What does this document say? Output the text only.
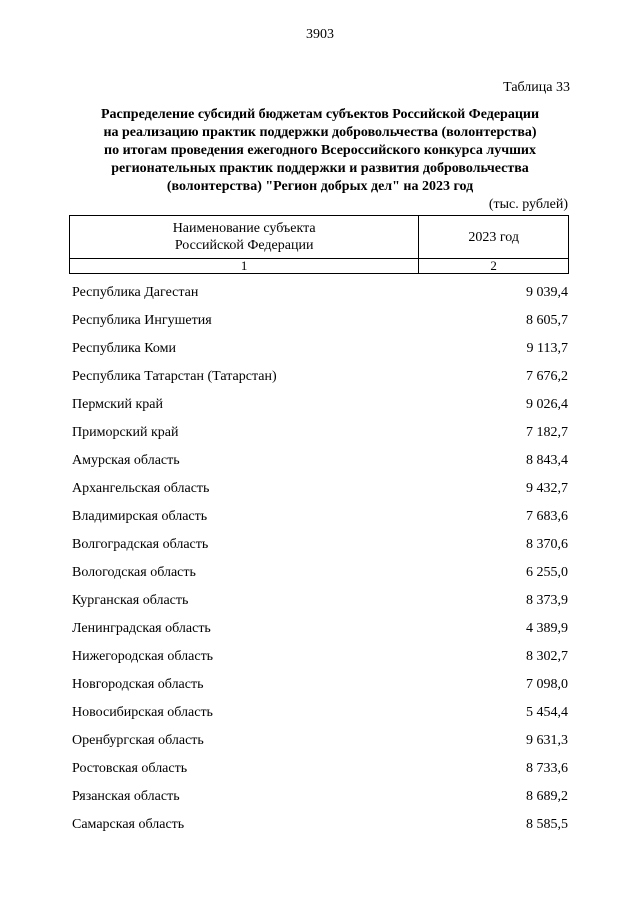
3903
Таблица 33
Распределение субсидий бюджетам субъектов Российской Федерации
на реализацию практик поддержки добровольчества (волонтерства)
по итогам проведения ежегодного Всероссийского конкурса лучших
регионательных практик поддержки и развития добровольчества
(волонтерства) "Регион добрых дел" на 2023 год
(тыс. рублей)
Наименование субъекта
Российской Федерации	2023 год
1	2
Республика Дагестан	9 039,4
Республика Ингушетия	8 605,7
Республика Коми	9 113,7
Республика Татарстан (Татарстан)	7 676,2
Пермский край	9 026,4
Приморский край	7 182,7
Амурская область	8 843,4
Архангельская область	9 432,7
Владимирская область	7 683,6
Волгоградская область	8 370,6
Вологодская область	6 255,0
Курганская область	8 373,9
Ленинградская область	4 389,9
Нижегородская область	8 302,7
Новгородская область	7 098,0
Новосибирская область	5 454,4
Оренбургская область	9 631,3
Ростовская область	8 733,6
Рязанская область	8 689,2
Самарская область	8 585,5
